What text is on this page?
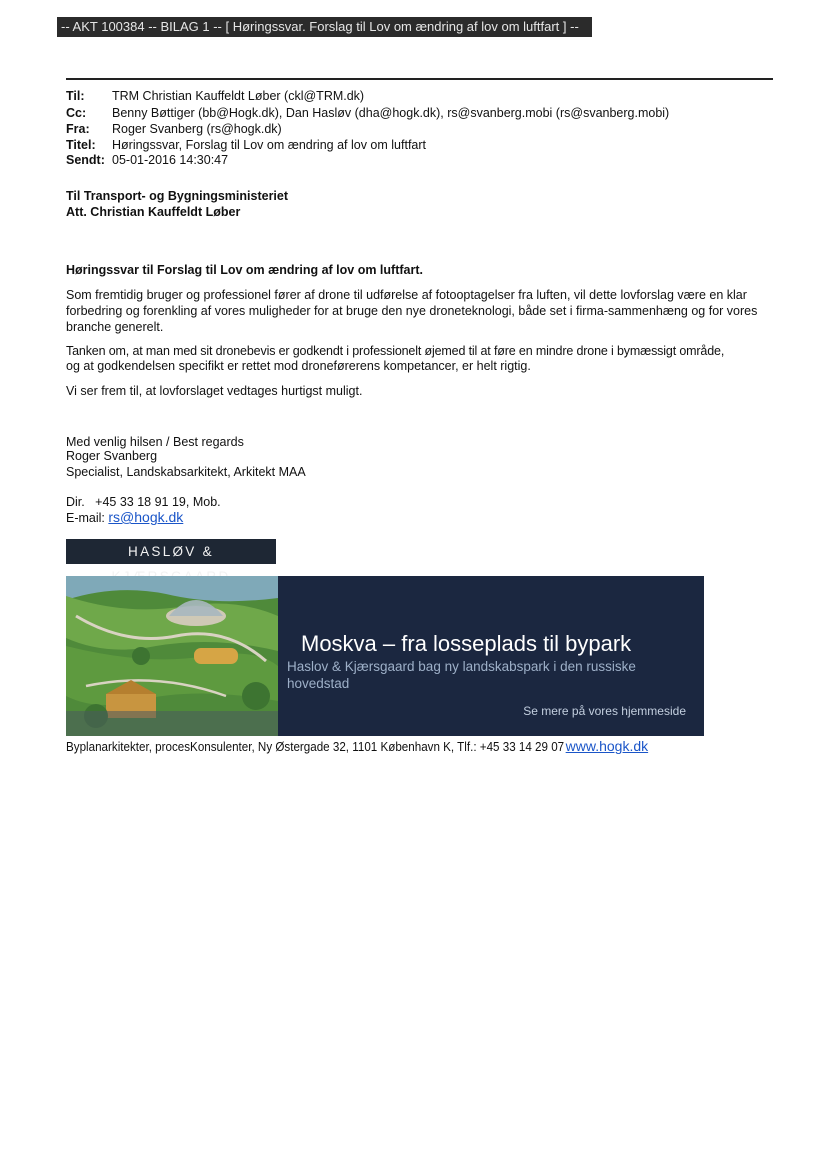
-- AKT 100384 -- BILAG 1 -- [ Høringssvar. Forslag til Lov om ændring af lov om luftfart ] --
Til: TRM Christian Kauffeldt Løber (ckl@TRM.dk)
Cc: Benny Bøttiger (bb@Hogk.dk), Dan Hasløv (dha@hogk.dk), rs@svanberg.mobi (rs@svanberg.mobi)
Fra: Roger Svanberg (rs@hogk.dk)
Titel: Høringssvar, Forslag til Lov om ændring af lov om luftfart
Sendt: 05-01-2016 14:30:47
Til Transport- og Bygningsministeriet
Att. Christian Kauffeldt Løber
Høringssvar til Forslag til Lov om ændring af lov om luftfart.
Som fremtidig bruger og professionel fører af drone til udførelse af fotooptagelser fra luften, vil dette lovforslag være en klar forbedring og forenkling af vores muligheder for at bruge den nye droneteknologi, både set i firma-sammenhæng og for vores branche generelt.
Tanken om, at man med sit dronebevis er godkendt i professionelt øjemed til at føre en mindre drone i bymæssigt område,
og at godkendelsen specifikt er rettet mod droneførerens kompetancer, er helt rigtig.
Vi ser frem til, at lovforslaget vedtages hurtigst muligt.
Med venlig hilsen / Best regards
Roger Svanberg
Specialist, Landskabsarkitekt, Arkitekt MAA
Dir.   +45 33 18 91 19, Mob.
E-mail: rs@hogk.dk
HASLØV &
Moskva – fra losseplads til bypark
Haslov & Kjærsgaard bag ny landskabspark i den russiske hovedstad
Se mere på vores hjemmeside
Byplanarkitekter, procesKonsulenter, Ny Østergade 32, 1101 København K, Tlf.: +45 33 14 29 07www.hogk.dk
